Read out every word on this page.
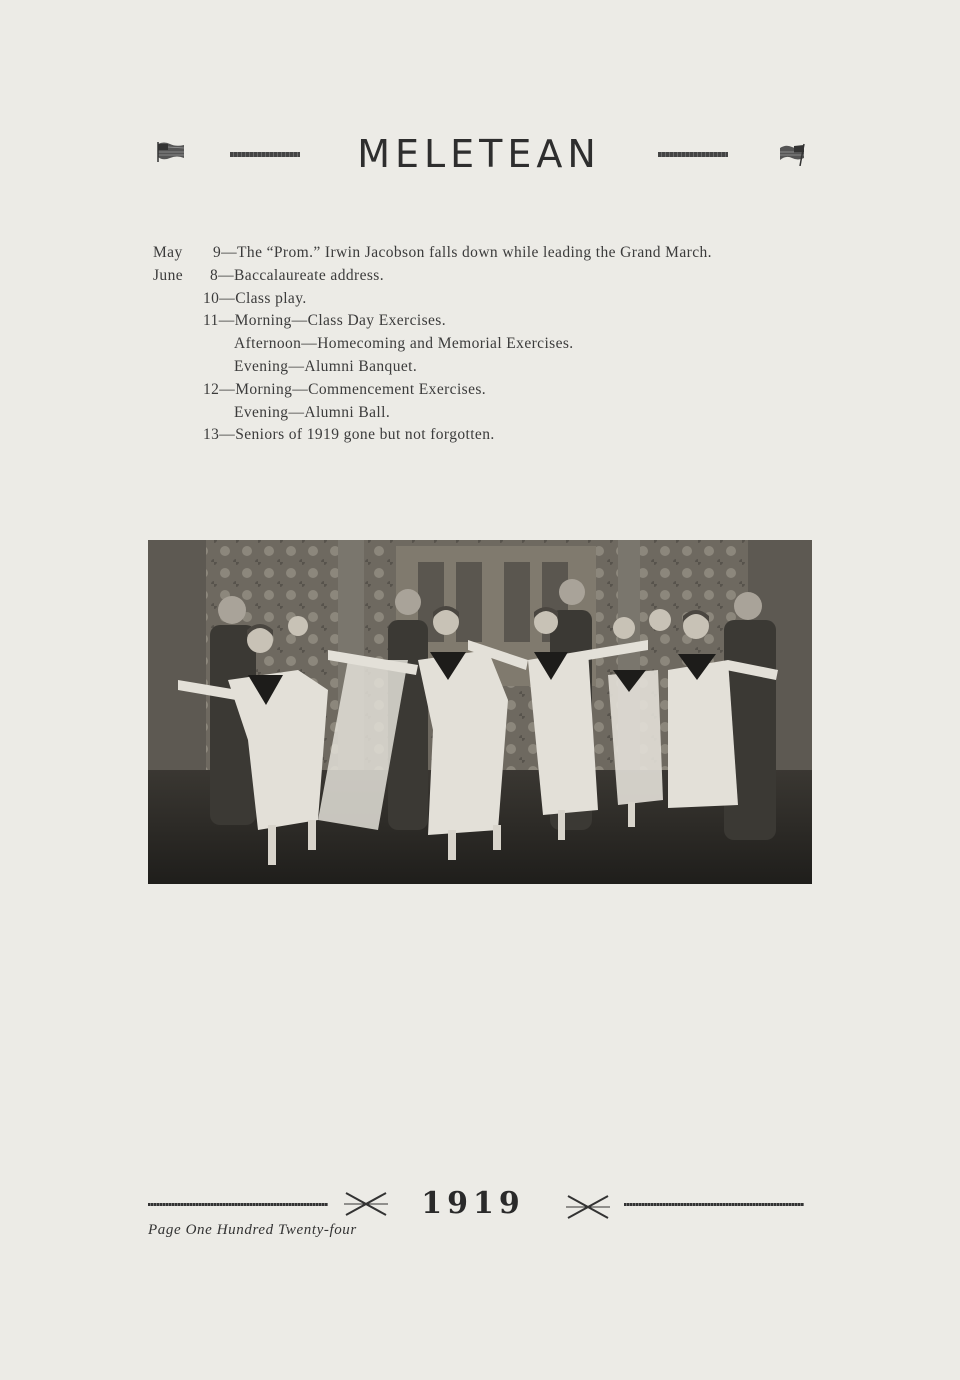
MELETEAN
May 9—The “Prom.” Irwin Jacobson falls down while leading the Grand March.
June 8—Baccalaureate address.
10—Class play.
11—Morning—Class Day Exercises.
Afternoon—Homecoming and Memorial Exercises.
Evening—Alumni Banquet.
12—Morning—Commencement Exercises.
Evening—Alumni Ball.
13—Seniors of 1919 gone but not forgotten.
1919
Page One Hundred Twenty-four
